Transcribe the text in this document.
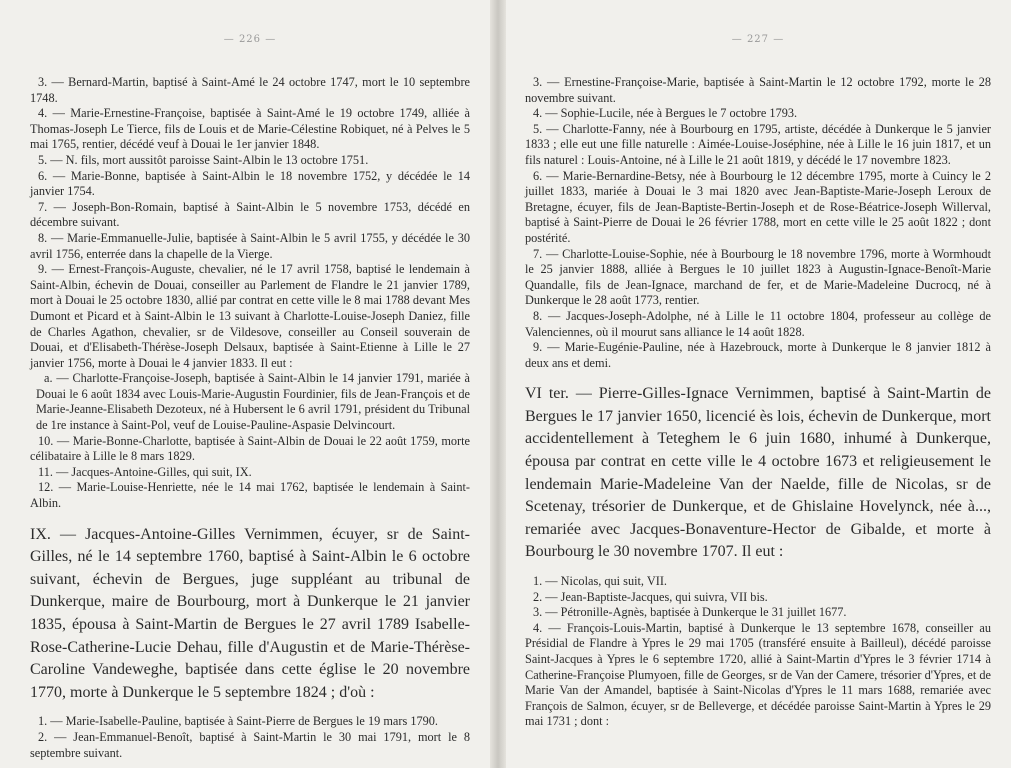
— 226 —

3. — Bernard-Martin, baptisé à Saint-Amé le 24 octobre 1747, mort le 10 septembre 1748.

4. — Marie-Ernestine-Françoise, baptisée à Saint-Amé le 19 octobre 1749, alliée à Thomas-Joseph Le Tierce, fils de Louis et de Marie-Célestine Robiquet, né à Pelves le 5 mai 1765, rentier, décédé veuf à Douai le 1er janvier 1848.

5. — N. fils, mort aussitôt paroisse Saint-Albin le 13 octobre 1751.

6. — Marie-Bonne, baptisée à Saint-Albin le 18 novembre 1752, y décédée le 14 janvier 1754.

7. — Joseph-Bon-Romain, baptisé à Saint-Albin le 5 novembre 1753, décédé en décembre suivant.

8. — Marie-Emmanuelle-Julie, baptisée à Saint-Albin le 5 avril 1755, y décédée le 30 avril 1756, enterrée dans la chapelle de la Vierge.

9. — Ernest-François-Auguste, chevalier, né le 17 avril 1758, baptisé le lendemain à Saint-Albin, échevin de Douai, conseiller au Parlement de Flandre le 21 janvier 1789, mort à Douai le 25 octobre 1830, allié par contrat en cette ville le 8 mai 1788 devant Mes Dumont et Picard et à Saint-Albin le 13 suivant à Charlotte-Louise-Joseph Daniez, fille de Charles Agathon, chevalier, sr de Vildesove, conseiller au Conseil souverain de Douai, et d'Elisabeth-Thérèse-Joseph Delsaux, baptisée à Saint-Etienne à Lille le 27 janvier 1756, morte à Douai le 4 janvier 1833. Il eut :

a. — Charlotte-Françoise-Joseph, baptisée à Saint-Albin le 14 janvier 1791, mariée à Douai le 6 août 1834 avec Louis-Marie-Augustin Fourdinier, fils de Jean-François et de Marie-Jeanne-Elisabeth Dezoteux, né à Hubersent le 6 avril 1791, président du Tribunal de 1re instance à Saint-Pol, veuf de Louise-Pauline-Aspasie Delvincourt.

10. — Marie-Bonne-Charlotte, baptisée à Saint-Albin de Douai le 22 août 1759, morte célibataire à Lille le 8 mars 1829.

11. — Jacques-Antoine-Gilles, qui suit, IX.

12. — Marie-Louise-Henriette, née le 14 mai 1762, baptisée le lendemain à Saint-Albin.

IX. — Jacques-Antoine-Gilles Vernimmen, écuyer, sr de Saint-Gilles, né le 14 septembre 1760, baptisé à Saint-Albin le 6 octobre suivant, échevin de Bergues, juge suppléant au tribunal de Dunkerque, maire de Bourbourg, mort à Dunkerque le 21 janvier 1835, épousa à Saint-Martin de Bergues le 27 avril 1789 Isabelle-Rose-Catherine-Lucie Dehau, fille d'Augustin et de Marie-Thérèse-Caroline Vandeweghe, baptisée dans cette église le 20 novembre 1770, morte à Dunkerque le 5 septembre 1824 ; d'où :

1. — Marie-Isabelle-Pauline, baptisée à Saint-Pierre de Bergues le 19 mars 1790.

2. — Jean-Emmanuel-Benoît, baptisé à Saint-Martin le 30 mai 1791, mort le 8 septembre suivant.

— 227 —

3. — Ernestine-Françoise-Marie, baptisée à Saint-Martin le 12 octobre 1792, morte le 28 novembre suivant.

4. — Sophie-Lucile, née à Bergues le 7 octobre 1793.

5. — Charlotte-Fanny, née à Bourbourg en 1795, artiste, décédée à Dunkerque le 5 janvier 1833 ; elle eut une fille naturelle : Aimée-Louise-Joséphine, née à Lille le 16 juin 1817, et un fils naturel : Louis-Antoine, né à Lille le 21 août 1819, y décédé le 17 novembre 1823.

6. — Marie-Bernardine-Betsy, née à Bourbourg le 12 décembre 1795, morte à Cuincy le 2 juillet 1833, mariée à Douai le 3 mai 1820 avec Jean-Baptiste-Marie-Joseph Leroux de Bretagne, écuyer, fils de Jean-Baptiste-Bertin-Joseph et de Rose-Béatrice-Joseph Willerval, baptisé à Saint-Pierre de Douai le 26 février 1788, mort en cette ville le 25 août 1822 ; dont postérité.

7. — Charlotte-Louise-Sophie, née à Bourbourg le 18 novembre 1796, morte à Wormhoudt le 25 janvier 1888, alliée à Bergues le 10 juillet 1823 à Augustin-Ignace-Benoît-Marie Quandalle, fils de Jean-Ignace, marchand de fer, et de Marie-Madeleine Ducrocq, né à Dunkerque le 28 août 1773, rentier.

8. — Jacques-Joseph-Adolphe, né à Lille le 11 octobre 1804, professeur au collège de Valenciennes, où il mourut sans alliance le 14 août 1828.

9. — Marie-Eugénie-Pauline, née à Hazebrouck, morte à Dunkerque le 8 janvier 1812 à deux ans et demi.

VI ter. — Pierre-Gilles-Ignace Vernimmen, baptisé à Saint-Martin de Bergues le 17 janvier 1650, licencié ès lois, échevin de Dunkerque, mort accidentellement à Teteghem le 6 juin 1680, inhumé à Dunkerque, épousa par contrat en cette ville le 4 octobre 1673 et religieusement le lendemain Marie-Madeleine Van der Naelde, fille de Nicolas, sr de Scetenay, trésorier de Dunkerque, et de Ghislaine Hovelynck, née à..., remariée avec Jacques-Bonaventure-Hector de Gibalde, et morte à Bourbourg le 30 novembre 1707. Il eut :

1. — Nicolas, qui suit, VII.

2. — Jean-Baptiste-Jacques, qui suivra, VII bis.

3. — Pétronille-Agnès, baptisée à Dunkerque le 31 juillet 1677.

4. — François-Louis-Martin, baptisé à Dunkerque le 13 septembre 1678, conseiller au Présidial de Flandre à Ypres le 29 mai 1705 (transféré ensuite à Bailleul), décédé paroisse Saint-Jacques à Ypres le 6 septembre 1720, allié à Saint-Martin d'Ypres le 3 février 1714 à Catherine-Françoise Plumyoen, fille de Georges, sr de Van der Camere, trésorier d'Ypres, et de Marie Van der Amandel, baptisée à Saint-Nicolas d'Ypres le 11 mars 1688, remariée avec François de Salmon, écuyer, sr de Belleverge, et décédée paroisse Saint-Martin à Ypres le 29 mai 1731 ; dont :
